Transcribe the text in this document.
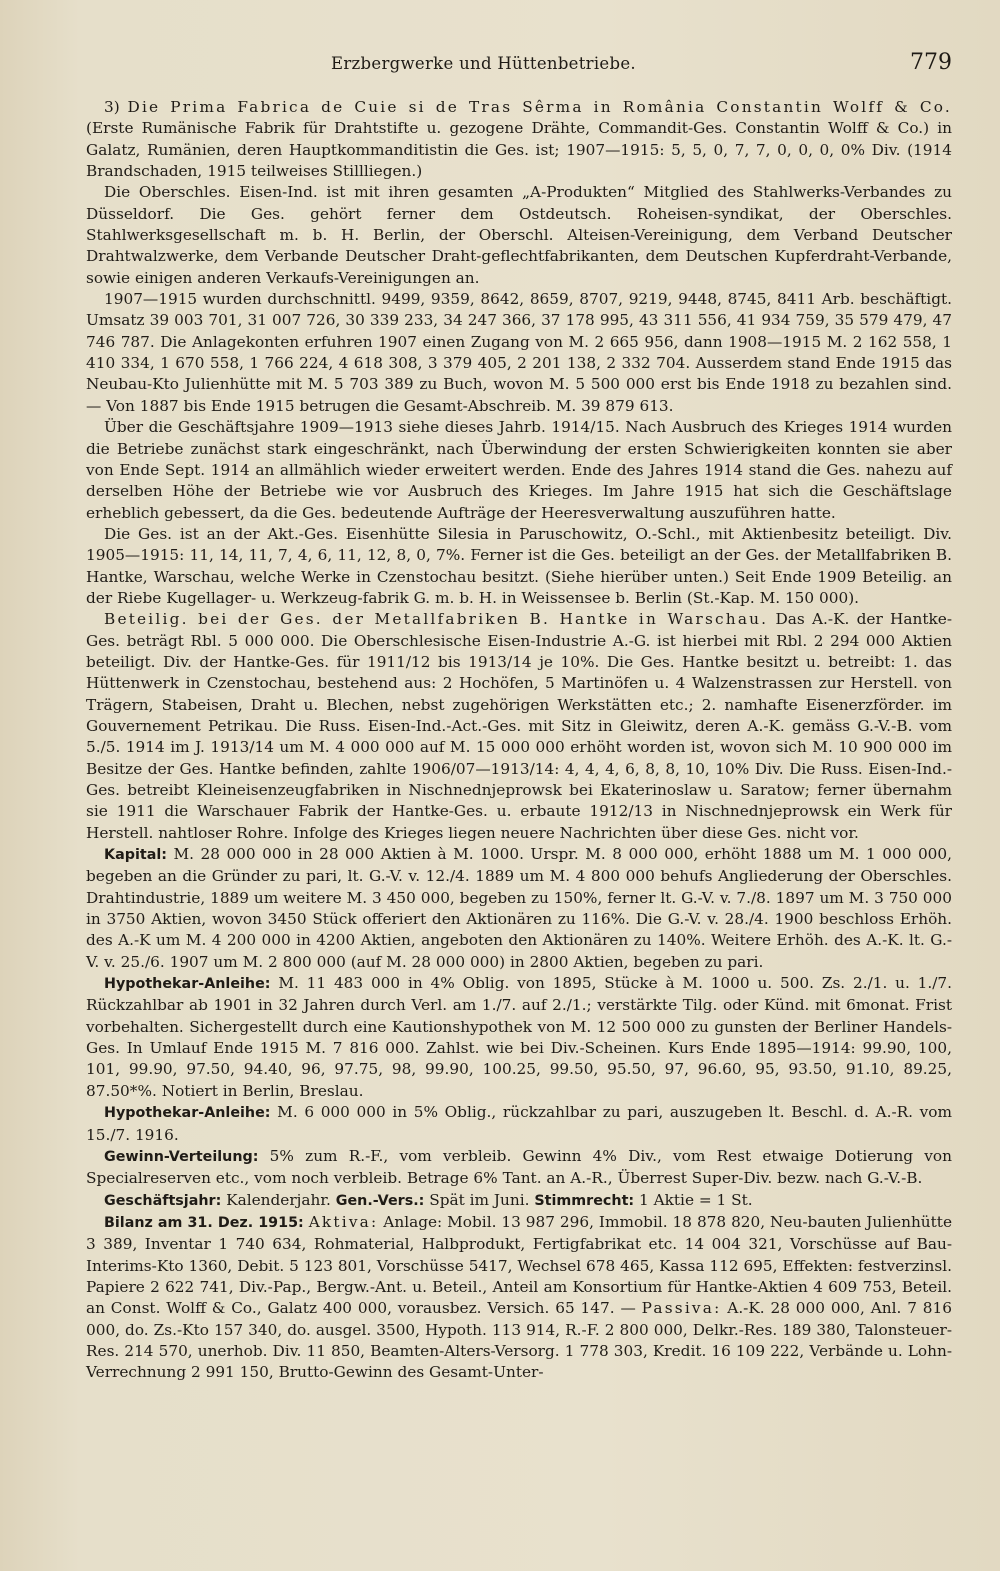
Erzbergwerke und Hüttenbetriebe.	779

3) Die Prima Fabrica de Cuie si de Tras Sêrma in România Constantin Wolff & Co. (Erste Rumänische Fabrik für Drahtstifte u. gezogene Drähte, Commandit-Ges. Constantin Wolff & Co.) in Galatz, Rumänien, deren Hauptkommanditistin die Ges. ist; 1907—1915: 5, 5, 0, 7, 7, 0, 0, 0, 0% Div. (1914 Brandschaden, 1915 teilweises Stillliegen.)

Die Oberschles. Eisen-Ind. ist mit ihren gesamten „A-Produkten“ Mitglied des Stahlwerks-Verbandes zu Düsseldorf. Die Ges. gehört ferner dem Ostdeutsch. Roheisen-syndikat, der Oberschles. Stahlwerksgesellschaft m. b. H. Berlin, der Oberschl. Alteisen-Vereinigung, dem Verband Deutscher Drahtwalzwerke, dem Verbande Deutscher Draht-geflechtfabrikanten, dem Deutschen Kupferdraht-Verbande, sowie einigen anderen Verkaufs-Vereinigungen an.

1907—1915 wurden durchschnittl. 9499, 9359, 8642, 8659, 8707, 9219, 9448, 8745, 8411 Arb. beschäftigt. Umsatz 39 003 701, 31 007 726, 30 339 233, 34 247 366, 37 178 995, 43 311 556, 41 934 759, 35 579 479, 47 746 787. Die Anlagekonten erfuhren 1907 einen Zugang von M. 2 665 956, dann 1908—1915 M. 2 162 558, 1 410 334, 1 670 558, 1 766 224, 4 618 308, 3 379 405, 2 201 138, 2 332 704. Ausserdem stand Ende 1915 das Neubau-Kto Julienhütte mit M. 5 703 389 zu Buch, wovon M. 5 500 000 erst bis Ende 1918 zu bezahlen sind. — Von 1887 bis Ende 1915 betrugen die Gesamt-Abschreib. M. 39 879 613.

Über die Geschäftsjahre 1909—1913 siehe dieses Jahrb. 1914/15. Nach Ausbruch des Krieges 1914 wurden die Betriebe zunächst stark eingeschränkt, nach Überwindung der ersten Schwierigkeiten konnten sie aber von Ende Sept. 1914 an allmählich wieder erweitert werden. Ende des Jahres 1914 stand die Ges. nahezu auf derselben Höhe der Betriebe wie vor Ausbruch des Krieges. Im Jahre 1915 hat sich die Geschäftslage erheblich gebessert, da die Ges. bedeutende Aufträge der Heeresverwaltung auszuführen hatte.

Die Ges. ist an der Akt.-Ges. Eisenhütte Silesia in Paruschowitz, O.-Schl., mit Aktienbesitz beteiligt. Div. 1905—1915: 11, 14, 11, 7, 4, 6, 11, 12, 8, 0, 7%. Ferner ist die Ges. beteiligt an der Ges. der Metallfabriken B. Hantke, Warschau, welche Werke in Czenstochau besitzt. (Siehe hierüber unten.) Seit Ende 1909 Beteilig. an der Riebe Kugellager- u. Werkzeug-fabrik G. m. b. H. in Weissensee b. Berlin (St.-Kap. M. 150 000).

Beteilig. bei der Ges. der Metallfabriken B. Hantke in Warschau. Das A.-K. der Hantke-Ges. beträgt Rbl. 5 000 000. Die Oberschlesische Eisen-Industrie A.-G. ist hierbei mit Rbl. 2 294 000 Aktien beteiligt. Div. der Hantke-Ges. für 1911/12 bis 1913/14 je 10%. Die Ges. Hantke besitzt u. betreibt: 1. das Hüttenwerk in Czenstochau, bestehend aus: 2 Hochöfen, 5 Martinöfen u. 4 Walzenstrassen zur Herstell. von Trägern, Stabeisen, Draht u. Blechen, nebst zugehörigen Werkstätten etc.; 2. namhafte Eisenerzförder. im Gouvernement Petrikau. Die Russ. Eisen-Ind.-Act.-Ges. mit Sitz in Gleiwitz, deren A.-K. gemäss G.-V.-B. vom 5./5. 1914 im J. 1913/14 um M. 4 000 000 auf M. 15 000 000 erhöht worden ist, wovon sich M. 10 900 000 im Besitze der Ges. Hantke befinden, zahlte 1906/07—1913/14: 4, 4, 4, 6, 8, 8, 10, 10% Div. Die Russ. Eisen-Ind.-Ges. betreibt Kleineisenzeugfabriken in Nischnednjeprowsk bei Ekaterinoslaw u. Saratow; ferner übernahm sie 1911 die Warschauer Fabrik der Hantke-Ges. u. erbaute 1912/13 in Nischnednjeprowsk ein Werk für Herstell. nahtloser Rohre. Infolge des Krieges liegen neuere Nachrichten über diese Ges. nicht vor.

Kapital: M. 28 000 000 in 28 000 Aktien à M. 1000. Urspr. M. 8 000 000, erhöht 1888 um M. 1 000 000, begeben an die Gründer zu pari, lt. G.-V. v. 12./4. 1889 um M. 4 800 000 behufs Angliederung der Oberschles. Drahtindustrie, 1889 um weitere M. 3 450 000, begeben zu 150%, ferner lt. G.-V. v. 7./8. 1897 um M. 3 750 000 in 3750 Aktien, wovon 3450 Stück offeriert den Aktionären zu 116%. Die G.-V. v. 28./4. 1900 beschloss Erhöh. des A.-K um M. 4 200 000 in 4200 Aktien, angeboten den Aktionären zu 140%. Weitere Erhöh. des A.-K. lt. G.-V. v. 25./6. 1907 um M. 2 800 000 (auf M. 28 000 000) in 2800 Aktien, begeben zu pari.

Hypothekar-Anleihe: M. 11 483 000 in 4% Oblig. von 1895, Stücke à M. 1000 u. 500. Zs. 2./1. u. 1./7. Rückzahlbar ab 1901 in 32 Jahren durch Verl. am 1./7. auf 2./1.; verstärkte Tilg. oder Künd. mit 6monat. Frist vorbehalten. Sichergestellt durch eine Kautionshypothek von M. 12 500 000 zu gunsten der Berliner Handels-Ges. In Umlauf Ende 1915 M. 7 816 000. Zahlst. wie bei Div.-Scheinen. Kurs Ende 1895—1914: 99.90, 100, 101, 99.90, 97.50, 94.40, 96, 97.75, 98, 99.90, 100.25, 99.50, 95.50, 97, 96.60, 95, 93.50, 91.10, 89.25, 87.50*%. Notiert in Berlin, Breslau.

Hypothekar-Anleihe: M. 6 000 000 in 5% Oblig., rückzahlbar zu pari, auszugeben lt. Beschl. d. A.-R. vom 15./7. 1916.

Gewinn-Verteilung: 5% zum R.-F., vom verbleib. Gewinn 4% Div., vom Rest etwaige Dotierung von Specialreserven etc., vom noch verbleib. Betrage 6% Tant. an A.-R., Überrest Super-Div. bezw. nach G.-V.-B.

Geschäftsjahr: Kalenderjahr. Gen.-Vers.: Spät im Juni. Stimmrecht: 1 Aktie = 1 St.

Bilanz am 31. Dez. 1915: Aktiva: Anlage: Mobil. 13 987 296, Immobil. 18 878 820, Neu-bauten Julienhütte 3 389, Inventar 1 740 634, Rohmaterial, Halbprodukt, Fertigfabrikat etc. 14 004 321, Vorschüsse auf Bau-Interims-Kto 1360, Debit. 5 123 801, Vorschüsse 5417, Wechsel 678 465, Kassa 112 695, Effekten: festverzinsl. Papiere 2 622 741, Div.-Pap., Bergw.-Ant. u. Beteil., Anteil am Konsortium für Hantke-Aktien 4 609 753, Beteil. an Const. Wolff & Co., Galatz 400 000, vorausbez. Versich. 65 147. — Passiva: A.-K. 28 000 000, Anl. 7 816 000, do. Zs.-Kto 157 340, do. ausgel. 3500, Hypoth. 113 914, R.-F. 2 800 000, Delkr.-Res. 189 380, Talonsteuer-Res. 214 570, unerhob. Div. 11 850, Beamten-Alters-Versorg. 1 778 303, Kredit. 16 109 222, Verbände u. Lohn-Verrechnung 2 991 150, Brutto-Gewinn des Gesamt-Unter-
